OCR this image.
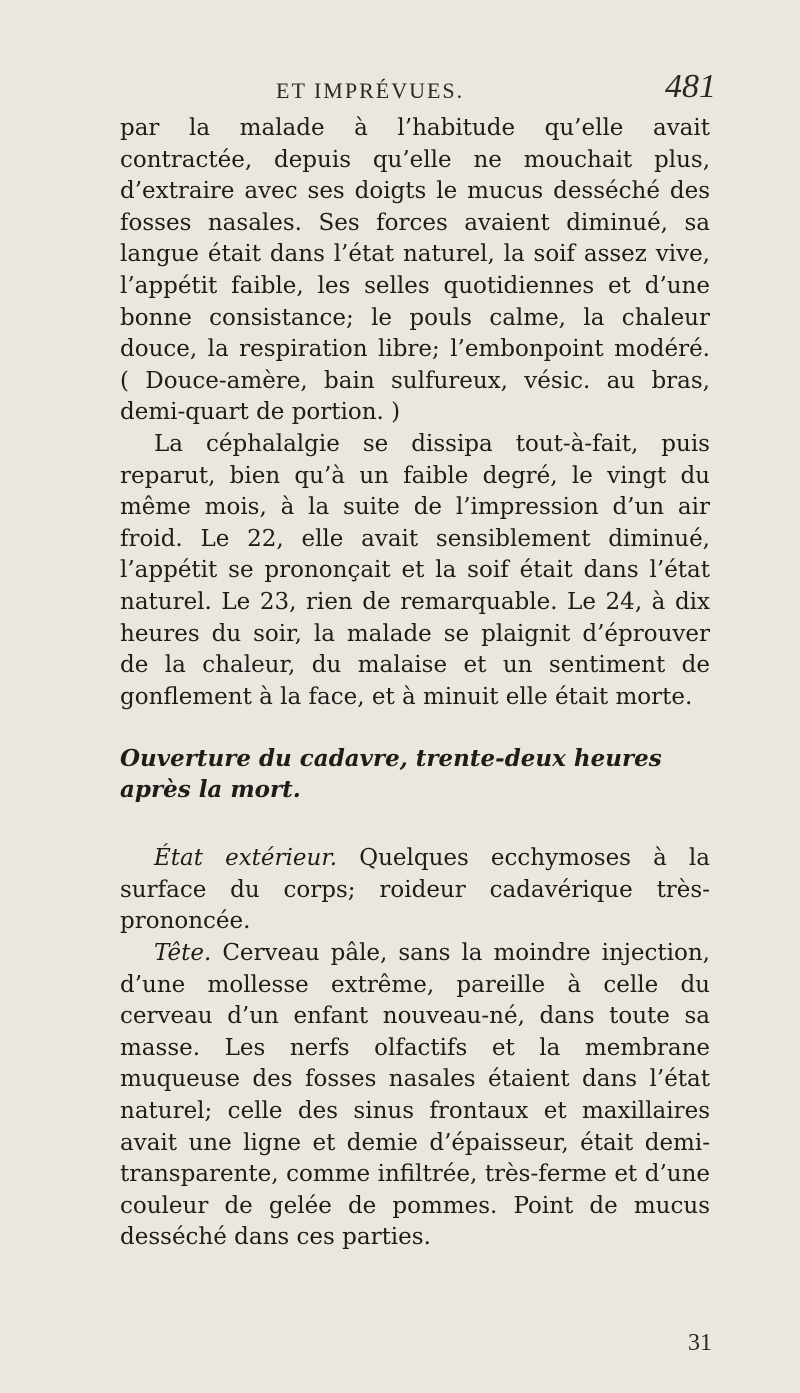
ET IMPRÉVUES.	481

par la malade à l’habitude qu’elle avait contractée, depuis qu’elle ne mouchait plus, d’extraire avec ses doigts le mucus desséché des fosses nasales. Ses forces avaient diminué, sa langue était dans l’état naturel, la soif assez vive, l’appétit faible, les selles quotidiennes et d’une bonne consistance; le pouls calme, la chaleur douce, la respiration libre; l’embonpoint modéré. ( Douce-amère, bain sulfureux, vésic. au bras, demi-quart de portion. )

La céphalalgie se dissipa tout-à-fait, puis reparut, bien qu’à un faible degré, le vingt du même mois, à la suite de l’impression d’un air froid. Le 22, elle avait sensiblement diminué, l’appétit se prononçait et la soif était dans l’état naturel. Le 23, rien de remarquable. Le 24, à dix heures du soir, la malade se plaignit d’éprouver de la chaleur, du malaise et un sentiment de gonflement à la face, et à minuit elle était morte.

Ouverture du cadavre, trente-deux heures après la mort.

État extérieur. Quelques ecchymoses à la surface du corps; roideur cadavérique très-prononcée.

Tête. Cerveau pâle, sans la moindre injection, d’une mollesse extrême, pareille à celle du cerveau d’un enfant nouveau-né, dans toute sa masse. Les nerfs olfactifs et la membrane muqueuse des fosses nasales étaient dans l’état naturel; celle des sinus frontaux et maxillaires avait une ligne et demie d’épaisseur, était demi-transparente, comme infiltrée, très-ferme et d’une couleur de gelée de pommes. Point de mucus desséché dans ces parties.

31
